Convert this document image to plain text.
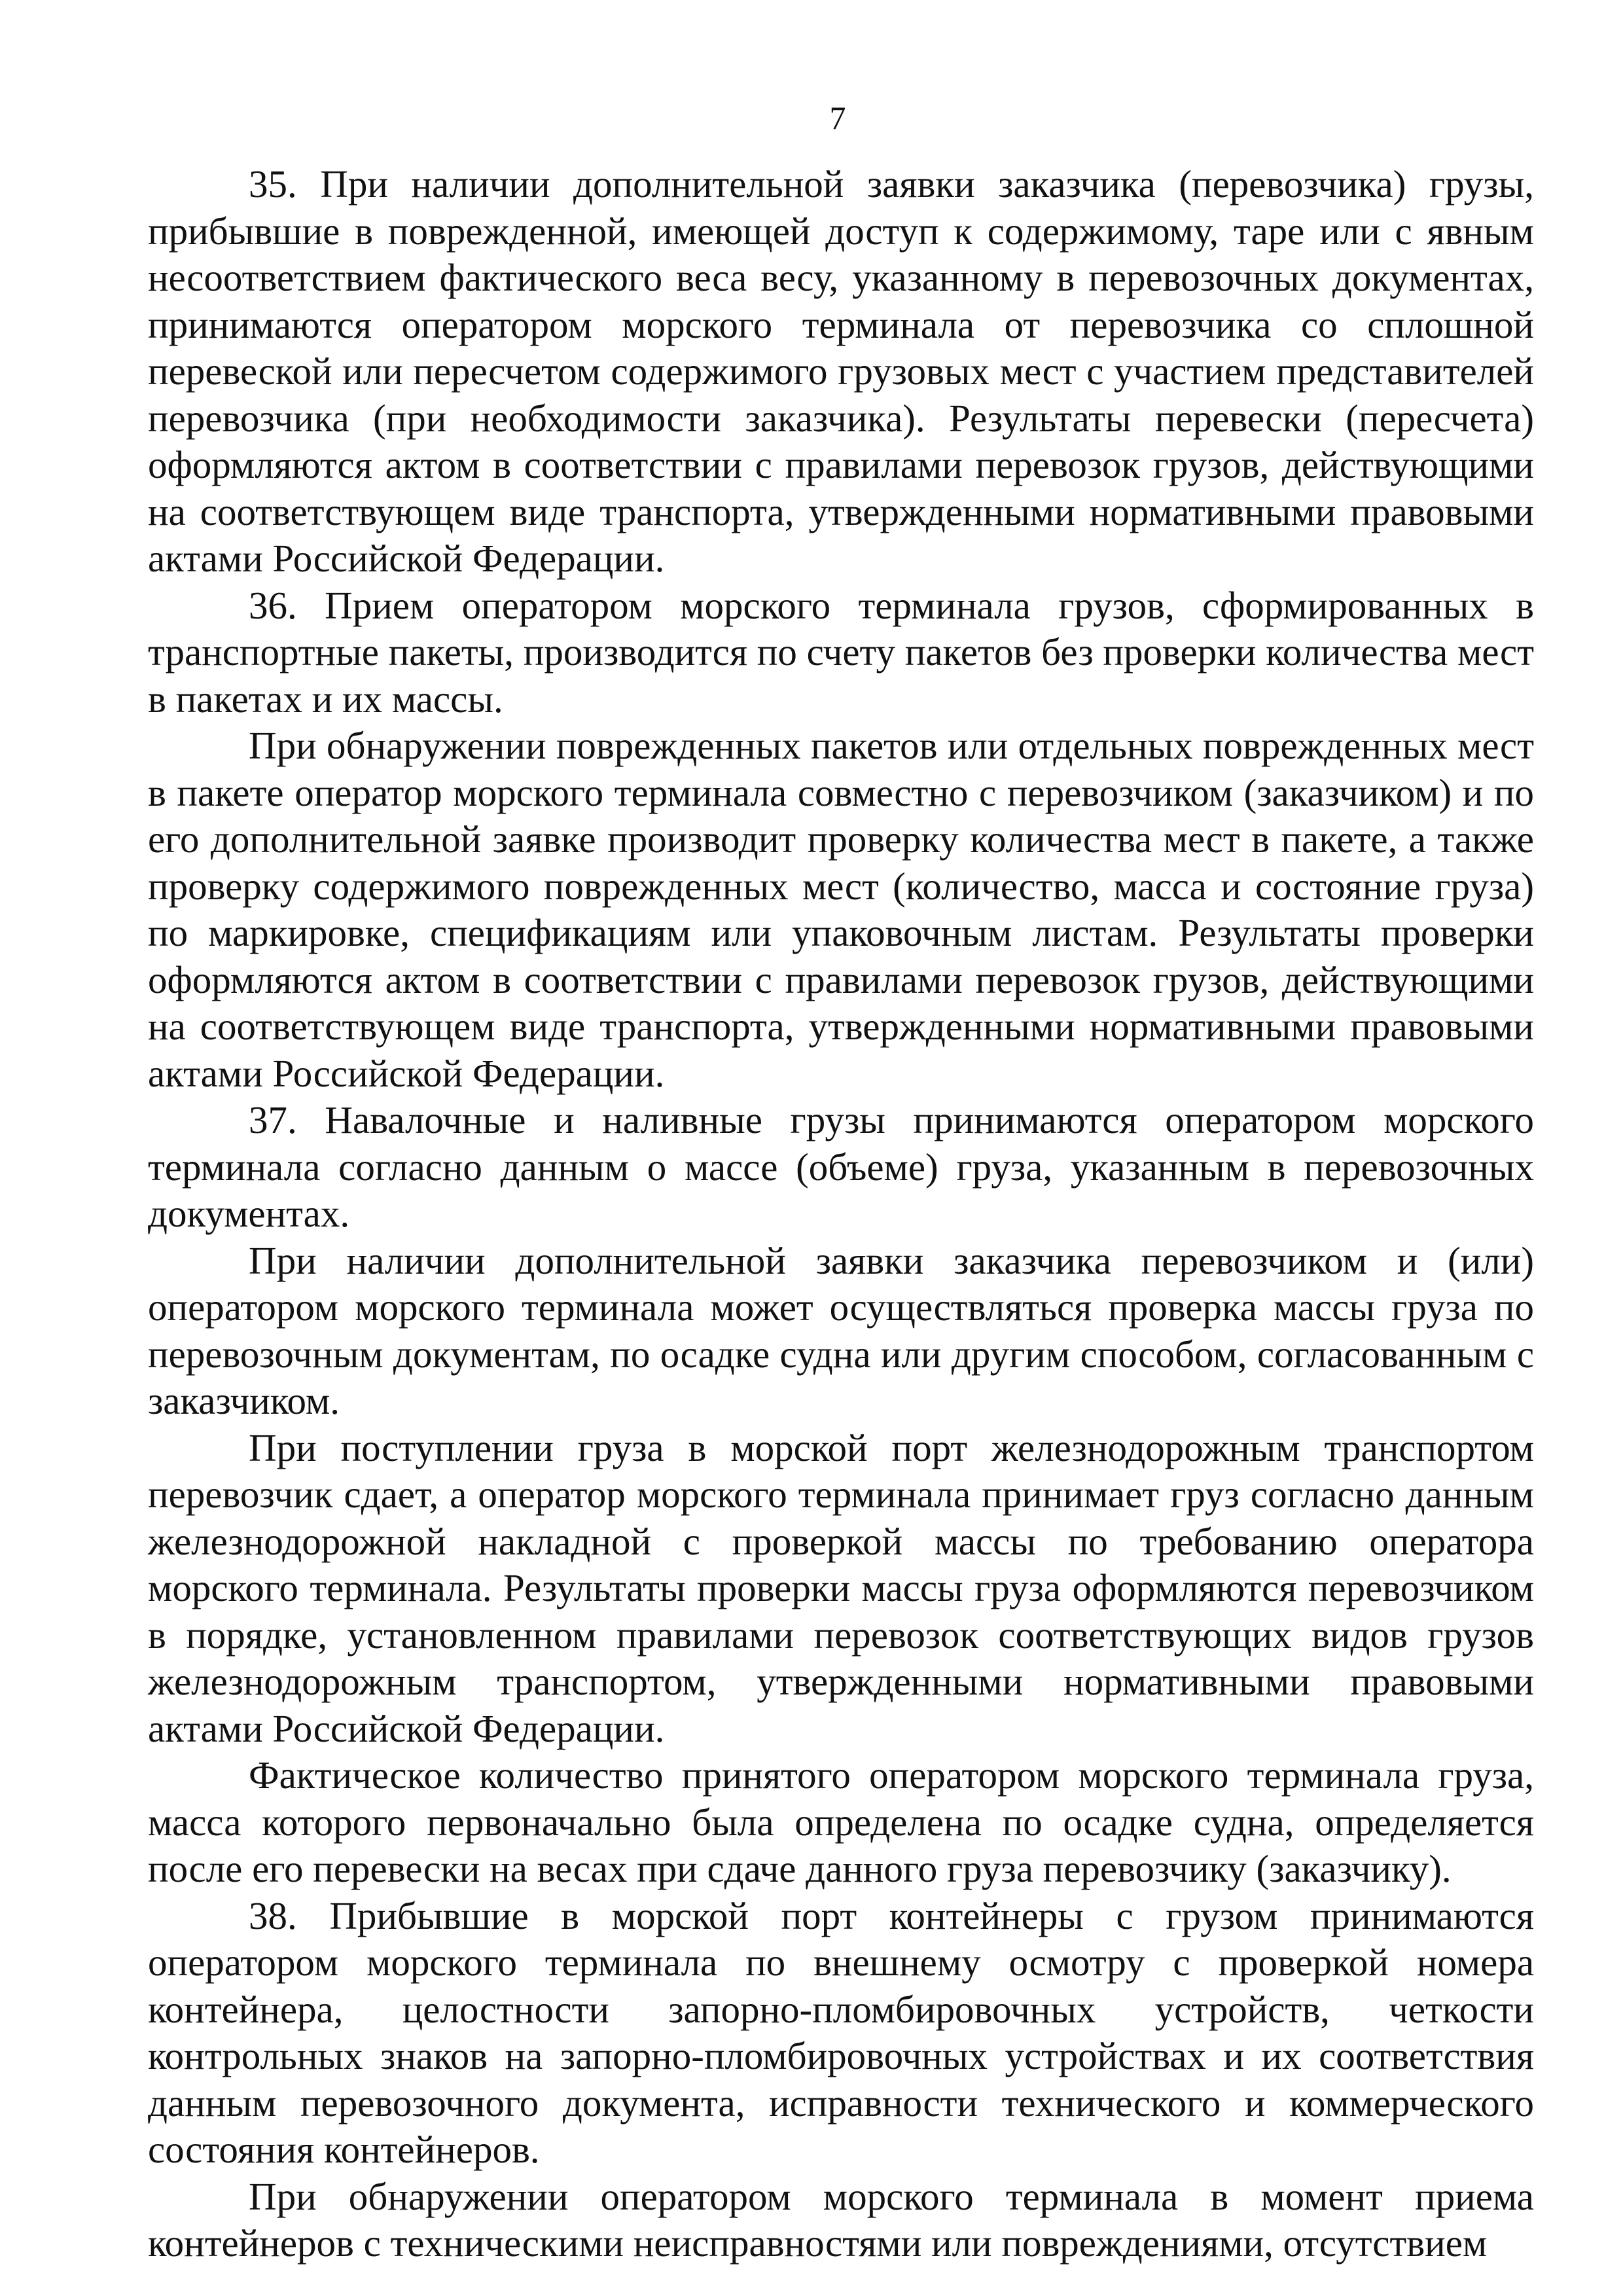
7

35. При наличии дополнительной заявки заказчика (перевозчика) грузы, прибывшие в поврежденной, имеющей доступ к содержимому, таре или с явным несоответствием фактического веса весу, указанному в перевозочных документах, принимаются оператором морского терминала от перевозчика со сплошной перевеской или пересчетом содержимого грузовых мест с участием представителей перевозчика (при необходимости заказчика). Результаты перевески (пересчета) оформляются актом в соответствии с правилами перевозок грузов, действующими на соответствующем виде транспорта, утвержденными нормативными правовыми актами Российской Федерации.

36. Прием оператором морского терминала грузов, сформированных в транспортные пакеты, производится по счету пакетов без проверки количества мест в пакетах и их массы.

При обнаружении поврежденных пакетов или отдельных поврежденных мест в пакете оператор морского терминала совместно с перевозчиком (заказчиком) и по его дополнительной заявке производит проверку количества мест в пакете, а также проверку содержимого поврежденных мест (количество, масса и состояние груза) по маркировке, спецификациям или упаковочным листам. Результаты проверки оформляются актом в соответствии с правилами перевозок грузов, действующими на соответствующем виде транспорта, утвержденными нормативными правовыми актами Российской Федерации.

37. Навалочные и наливные грузы принимаются оператором морского терминала согласно данным о массе (объеме) груза, указанным в перевозочных документах.

При наличии дополнительной заявки заказчика перевозчиком и (или) оператором морского терминала может осуществляться проверка массы груза по перевозочным документам, по осадке судна или другим способом, согласованным с заказчиком.

При поступлении груза в морской порт железнодорожным транспортом перевозчик сдает, а оператор морского терминала принимает груз согласно данным железнодорожной накладной с проверкой массы по требованию оператора морского терминала. Результаты проверки массы груза оформляются перевозчиком в порядке, установленном правилами перевозок соответствующих видов грузов железнодорожным транспортом, утвержденными нормативными правовыми актами Российской Федерации.

Фактическое количество принятого оператором морского терминала груза, масса которого первоначально была определена по осадке судна, определяется после его перевески на весах при сдаче данного груза перевозчику (заказчику).

38. Прибывшие в морской порт контейнеры с грузом принимаются оператором морского терминала по внешнему осмотру с проверкой номера контейнера, целостности запорно-пломбировочных устройств, четкости контрольных знаков на запорно-пломбировочных устройствах и их соответствия данным перевозочного документа, исправности технического и коммерческого состояния контейнеров.

При обнаружении оператором морского терминала в момент приема контейнеров с техническими неисправностями или повреждениями, отсутствием
